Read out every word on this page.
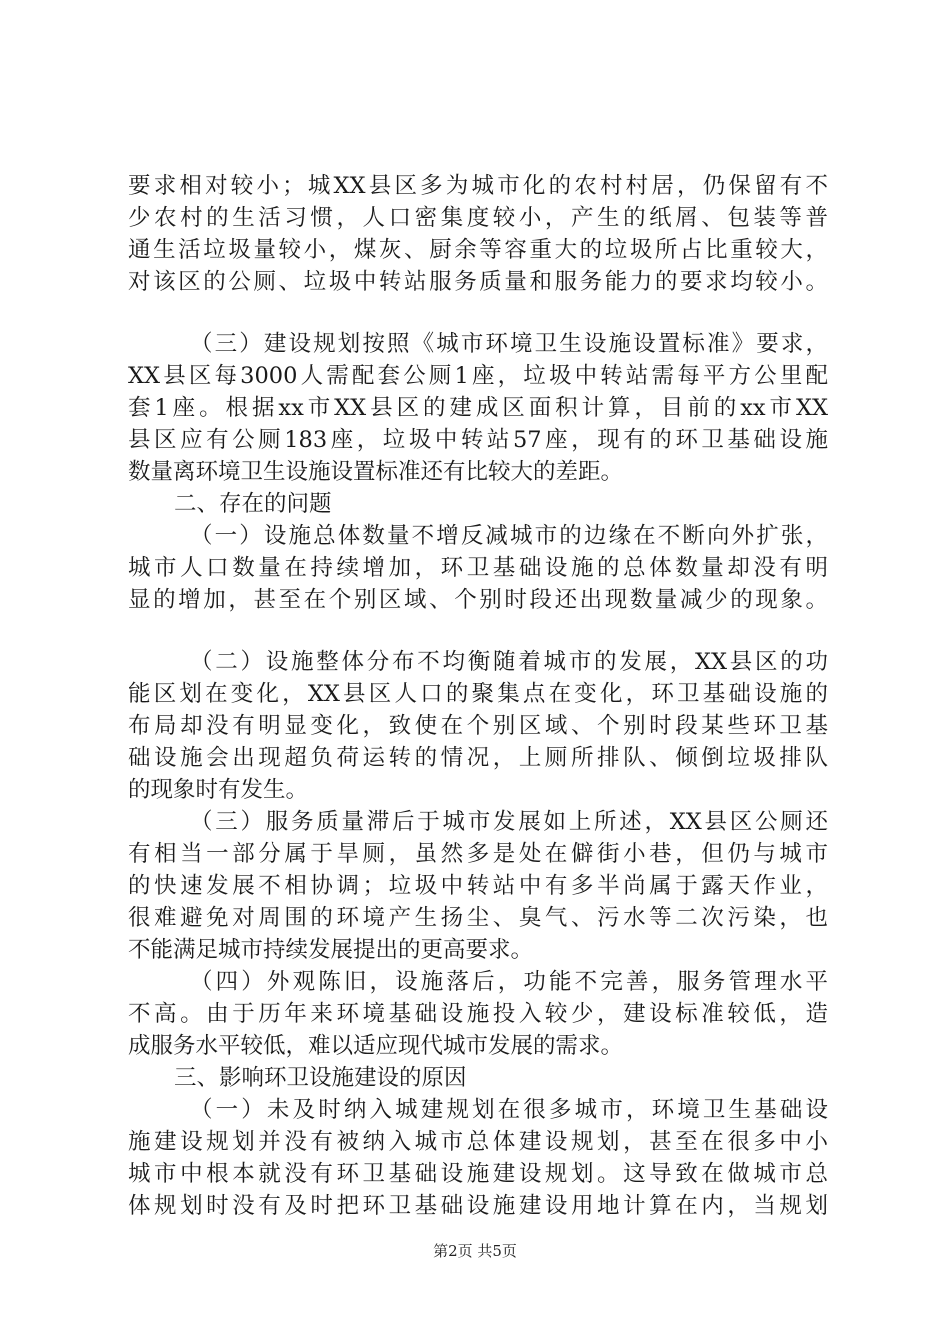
要求相对较小；城XX县区多为城市化的农村村居，仍保留有不
少农村的生活习惯，人口密集度较小，产生的纸屑、包装等普
通生活垃圾量较小，煤灰、厨余等容重大的垃圾所占比重较大，
对该区的公厕、垃圾中转站服务质量和服务能力的要求均较小。
（三）建设规划按照《城市环境卫生设施设置标准》要求，
XX县区每3000人需配套公厕1座，垃圾中转站需每平方公里配
套1座。根据xx市XX县区的建成区面积计算，目前的xx市XX
县区应有公厕183座，垃圾中转站57座，现有的环卫基础设施
数量离环境卫生设施设置标准还有比较大的差距。
二、存在的问题
（一）设施总体数量不增反减城市的边缘在不断向外扩张，
城市人口数量在持续增加，环卫基础设施的总体数量却没有明
显的增加，甚至在个别区域、个别时段还出现数量减少的现象。
（二）设施整体分布不均衡随着城市的发展，XX县区的功
能区划在变化，XX县区人口的聚集点在变化，环卫基础设施的
布局却没有明显变化，致使在个别区域、个别时段某些环卫基
础设施会出现超负荷运转的情况，上厕所排队、倾倒垃圾排队
的现象时有发生。
（三）服务质量滞后于城市发展如上所述，XX县区公厕还
有相当一部分属于旱厕，虽然多是处在僻街小巷，但仍与城市
的快速发展不相协调；垃圾中转站中有多半尚属于露天作业，
很难避免对周围的环境产生扬尘、臭气、污水等二次污染，也
不能满足城市持续发展提出的更高要求。
（四）外观陈旧，设施落后，功能不完善，服务管理水平
不高。由于历年来环境基础设施投入较少，建设标准较低，造
成服务水平较低，难以适应现代城市发展的需求。
三、影响环卫设施建设的原因
（一）未及时纳入城建规划在很多城市，环境卫生基础设
施建设规划并没有被纳入城市总体建设规划，甚至在很多中小
城市中根本就没有环卫基础设施建设规划。这导致在做城市总
体规划时没有及时把环卫基础设施建设用地计算在内，当规划
第2页 共5页
